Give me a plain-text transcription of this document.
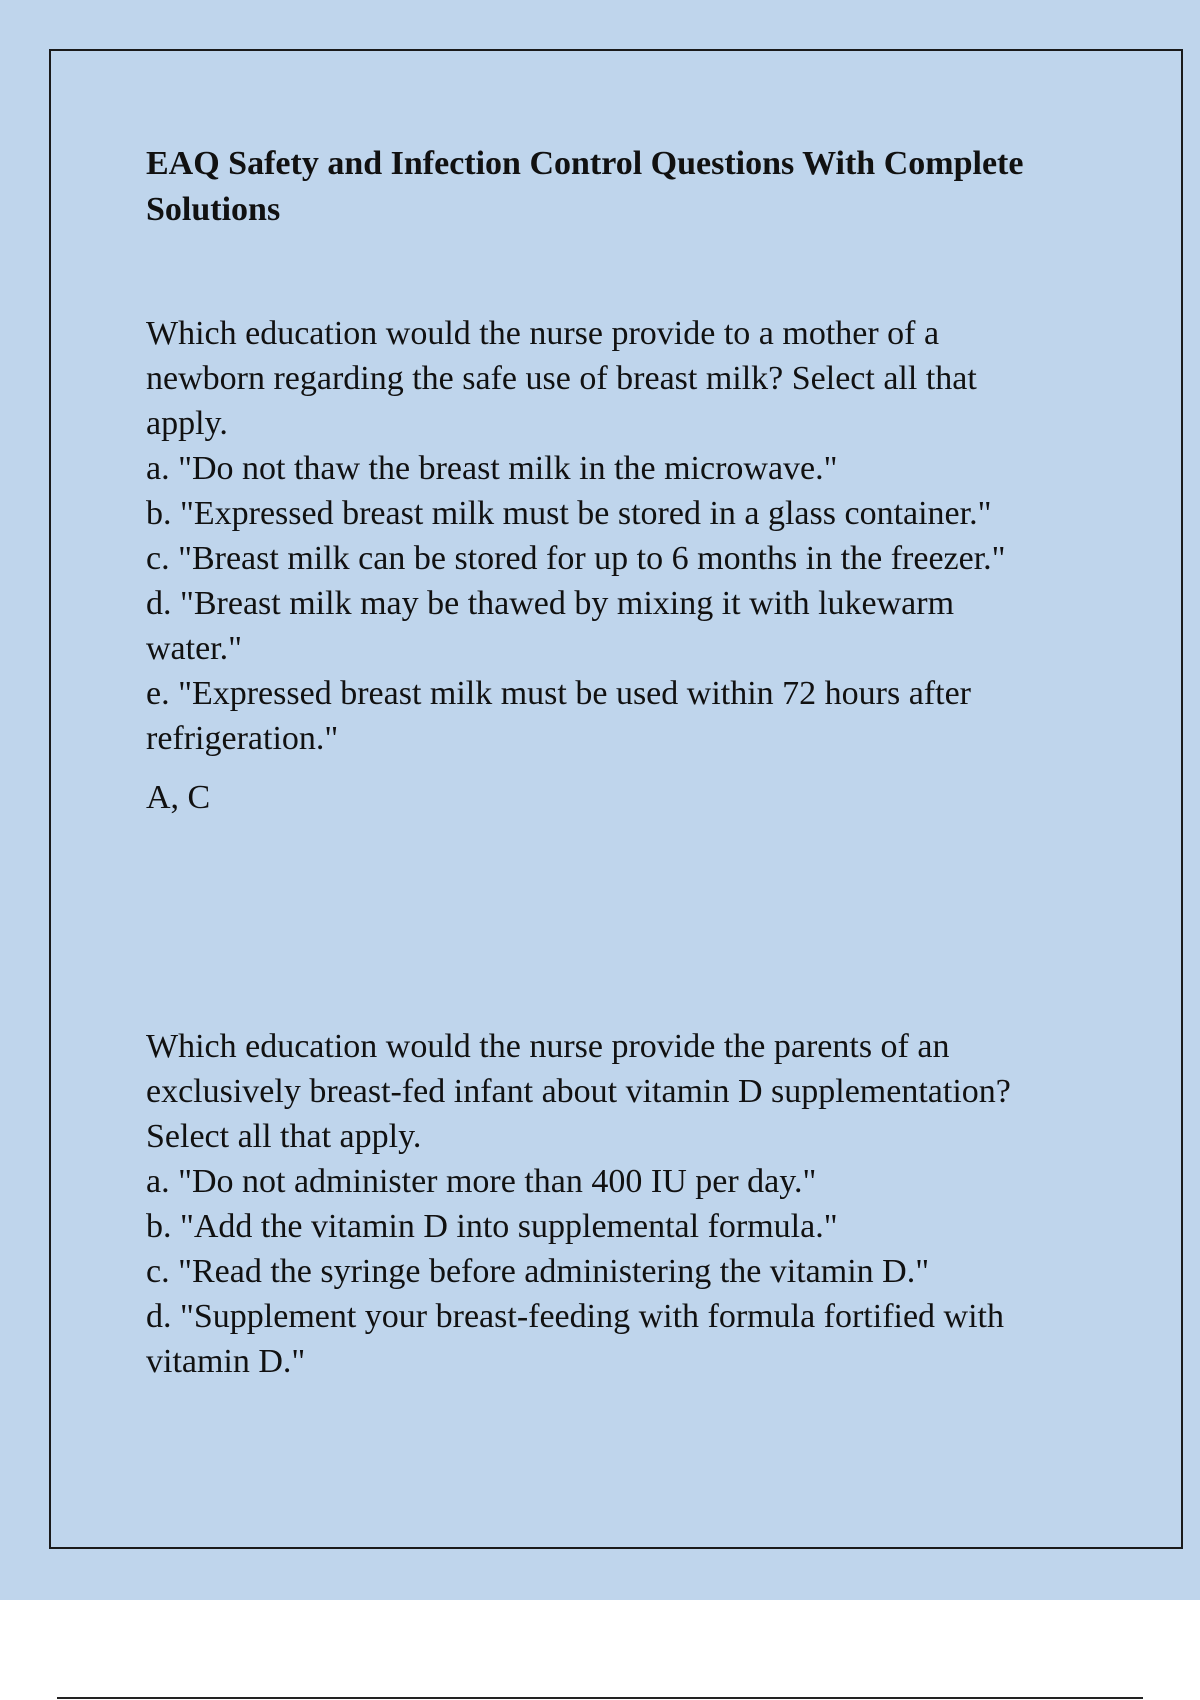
EAQ Safety and Infection Control Questions With Complete
Solutions
Which education would the nurse provide to a mother of a
newborn regarding the safe use of breast milk? Select all that
apply.
a. "Do not thaw the breast milk in the microwave."
b. "Expressed breast milk must be stored in a glass container."
c. "Breast milk can be stored for up to 6 months in the freezer."
d. "Breast milk may be thawed by mixing it with lukewarm
water."
e. "Expressed breast milk must be used within 72 hours after
refrigeration."
A, C
Which education would the nurse provide the parents of an
exclusively breast-fed infant about vitamin D supplementation?
Select all that apply.
a. "Do not administer more than 400 IU per day."
b. "Add the vitamin D into supplemental formula."
c. "Read the syringe before administering the vitamin D."
d. "Supplement your breast-feeding with formula fortified with
vitamin D."
